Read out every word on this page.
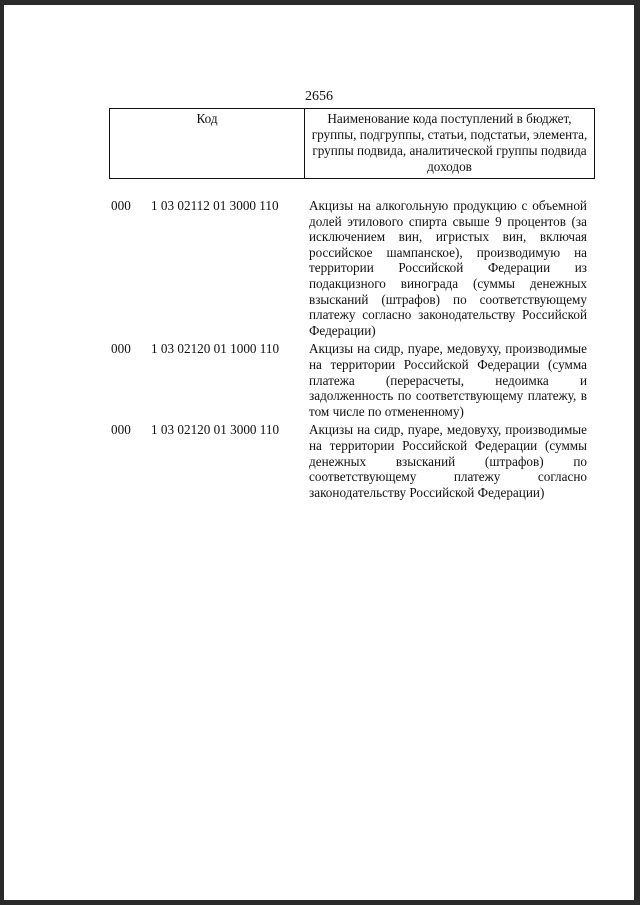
2656
Код	Наименование кода поступлений в бюджет, группы, подгруппы, статьи, подстатьи, элемента, группы подвида, аналитической группы подвида доходов
000 1 03 02112 01 3000 110 Акцизы на алкогольную продукцию с объемной долей этилового спирта свыше 9 процентов (за исключением вин, игристых вин, включая российское шампанское), производимую на территории Российской Федерации из подакцизного винограда (суммы денежных взысканий (штрафов) по соответствующему платежу согласно законодательству Российской Федерации)
000 1 03 02120 01 1000 110 Акцизы на сидр, пуаре, медовуху, производимые на территории Российской Федерации (сумма платежа (перерасчеты, недоимка и задолженность по соответствующему платежу, в том числе по отмененному)
000 1 03 02120 01 3000 110 Акцизы на сидр, пуаре, медовуху, производимые на территории Российской Федерации (суммы денежных взысканий (штрафов) по соответствующему платежу согласно законодательству Российской Федерации)
